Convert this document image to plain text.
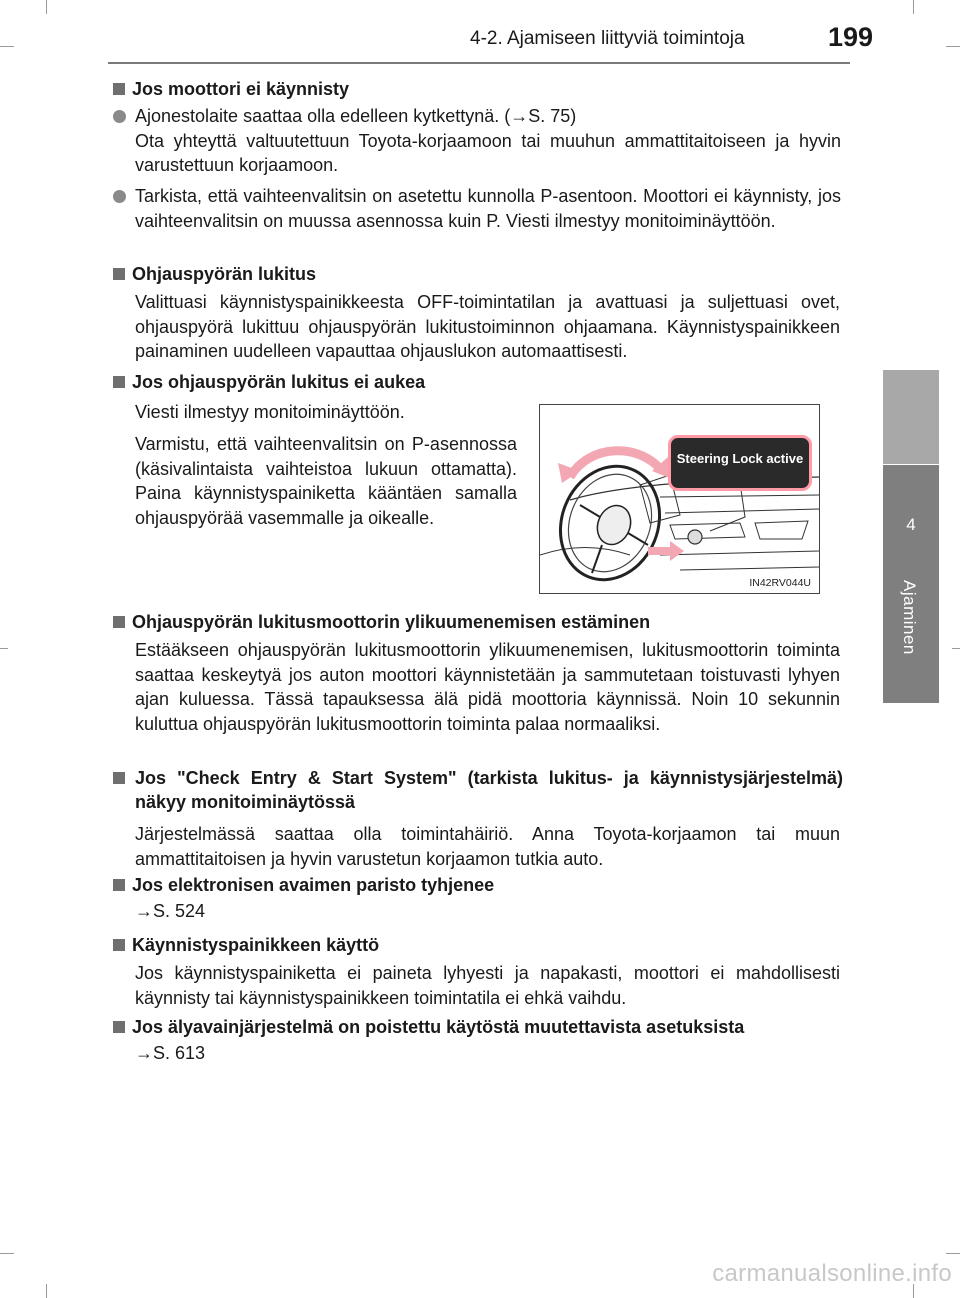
4-2. Ajamiseen liittyviä toimintoja	199
4
Ajaminen
Jos moottori ei käynnisty
Ajonestolaite saattaa olla edelleen kytkettynä. (→S. 75)
Ota yhteyttä valtuutettuun Toyota-korjaamoon tai muuhun ammattitaitoiseen ja hyvin varustettuun korjaamoon.
Tarkista, että vaihteenvalitsin on asetettu kunnolla P-asentoon. Moottori ei käynnisty, jos vaihteenvalitsin on muussa asennossa kuin P. Viesti ilmestyy monitoiminäyttöön.
Ohjauspyörän lukitus
Valittuasi käynnistyspainikkeesta OFF-toimintatilan ja avattuasi ja suljettuasi ovet, ohjauspyörä lukittuu ohjauspyörän lukitustoiminnon ohjaamana. Käynnistyspainikkeen painaminen uudelleen vapauttaa ohjauslukon automaattisesti.
Jos ohjauspyörän lukitus ei aukea
Viesti ilmestyy monitoiminäyttöön.
Varmistu, että vaihteenvalitsin on P-asennossa (käsivalintaista vaihteistoa lukuun ottamatta). Paina käynnistyspainiketta kääntäen samalla ohjauspyörää vasemmalle ja oikealle.
Steering Lock active
IN42RV044U
Ohjauspyörän lukitusmoottorin ylikuumenemisen estäminen
Estääkseen ohjauspyörän lukitusmoottorin ylikuumenemisen, lukitusmoottorin toiminta saattaa keskeytyä jos auton moottori käynnistetään ja sammutetaan toistuvasti lyhyen ajan kuluessa. Tässä tapauksessa älä pidä moottoria käynnissä. Noin 10 sekunnin kuluttua ohjauspyörän lukitusmoottorin toiminta palaa normaaliksi.
Jos "Check Entry & Start System" (tarkista lukitus- ja käynnistysjärjestelmä) näkyy monitoiminäytössä
Järjestelmässä saattaa olla toimintahäiriö. Anna Toyota-korjaamon tai muun ammattitaitoisen ja hyvin varustetun korjaamon tutkia auto.
Jos elektronisen avaimen paristo tyhjenee
→S. 524
Käynnistyspainikkeen käyttö
Jos käynnistyspainiketta ei paineta lyhyesti ja napakasti, moottori ei mahdollisesti käynnisty tai käynnistyspainikkeen toimintatila ei ehkä vaihdu.
Jos älyavainjärjestelmä on poistettu käytöstä muutettavista asetuksista
→S. 613
carmanualsonline.info
